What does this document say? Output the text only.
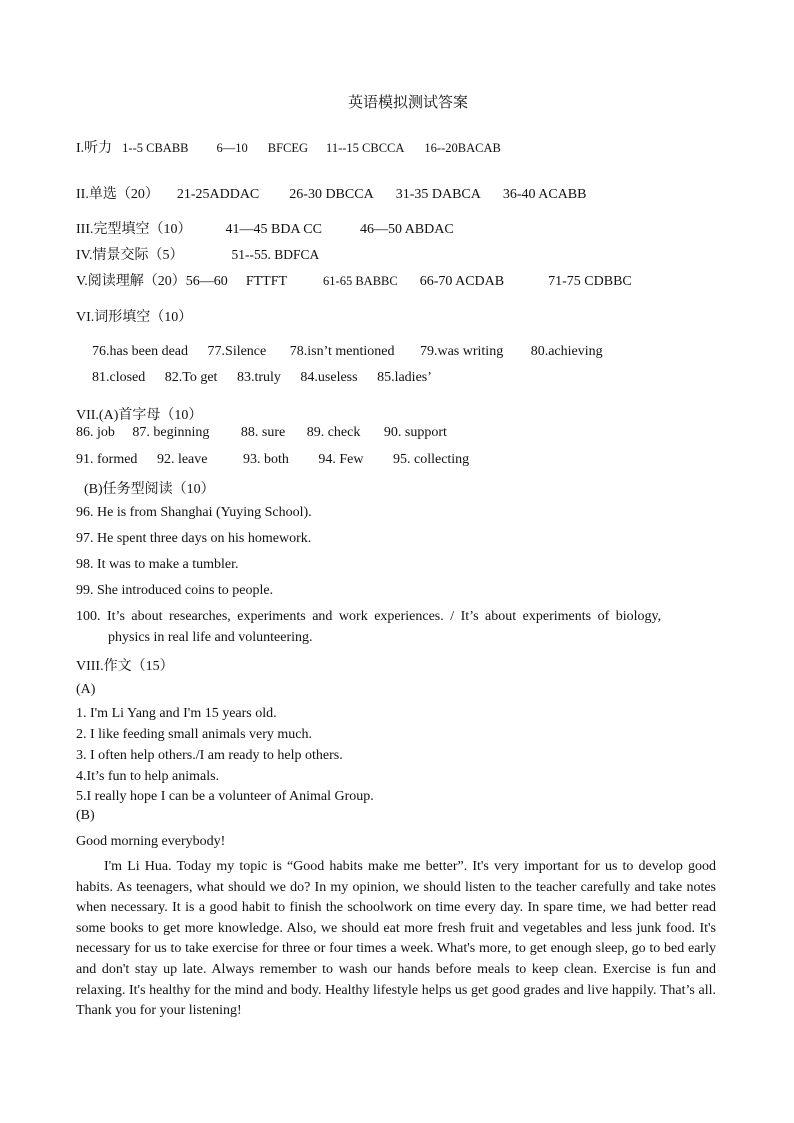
英语模拟测试答案
I.听力 1--5 CBABB 6—10 BFCEG 11--15 CBCCA 16--20BACAB
II.单选（20） 21-25ADDAC 26-30 DBCCA 31-35 DABCA 36-40 ACABB
III.完型填空（10） 41—45 BDA CC	46—50 ABDAC
IV.情景交际（5）	51--55. BDFCA
V.阅读理解（20）56—60 FTTFT	61-65 BABBC 66-70 ACDAB	71-75 CDBBC
VI.词形填空（10）
76.has been dead 77.Silence 78.isn’t mentioned 79.was writing 80.achieving
81.closed 82.To get 83.truly 84.useless 85.ladies’
VII.(A)首字母（10）
86. job 87. beginning 88. sure 89. check 90. support
91. formed 92. leave	93. both 94. Few 95. collecting
(B)任务型阅读（10）
96. He is from Shanghai (Yuying School).
97. He spent three days on his homework.
98. It was to make a tumbler.
99. She introduced coins to people.
100. It’s about researches, experiments and work experiences. / It’s about experiments of biology,
physics in real life and volunteering.
VIII.作文（15）
(A)
1. I'm Li Yang and I'm 15 years old.
2. I like feeding small animals very much.
3. I often help others./I am ready to help others.
4.It’s fun to help animals.
5.I really hope I can be a volunteer of Animal Group.
(B)
Good morning everybody!
I'm Li Hua. Today my topic is “Good habits make me better”. It's very important for us to develop good habits. As teenagers, what should we do? In my opinion, we should listen to the teacher carefully and take notes when necessary. It is a good habit to finish the schoolwork on time every day. In spare time, we had better read some books to get more knowledge. Also, we should eat more fresh fruit and vegetables and less junk food. It's necessary for us to take exercise for three or four times a week. What's more, to get enough sleep, go to bed early and don't stay up late. Always remember to wash our hands before meals to keep clean. Exercise is fun and relaxing. It's healthy for the mind and body. Healthy lifestyle helps us get good grades and live happily. That’s all. Thank you for your listening!
